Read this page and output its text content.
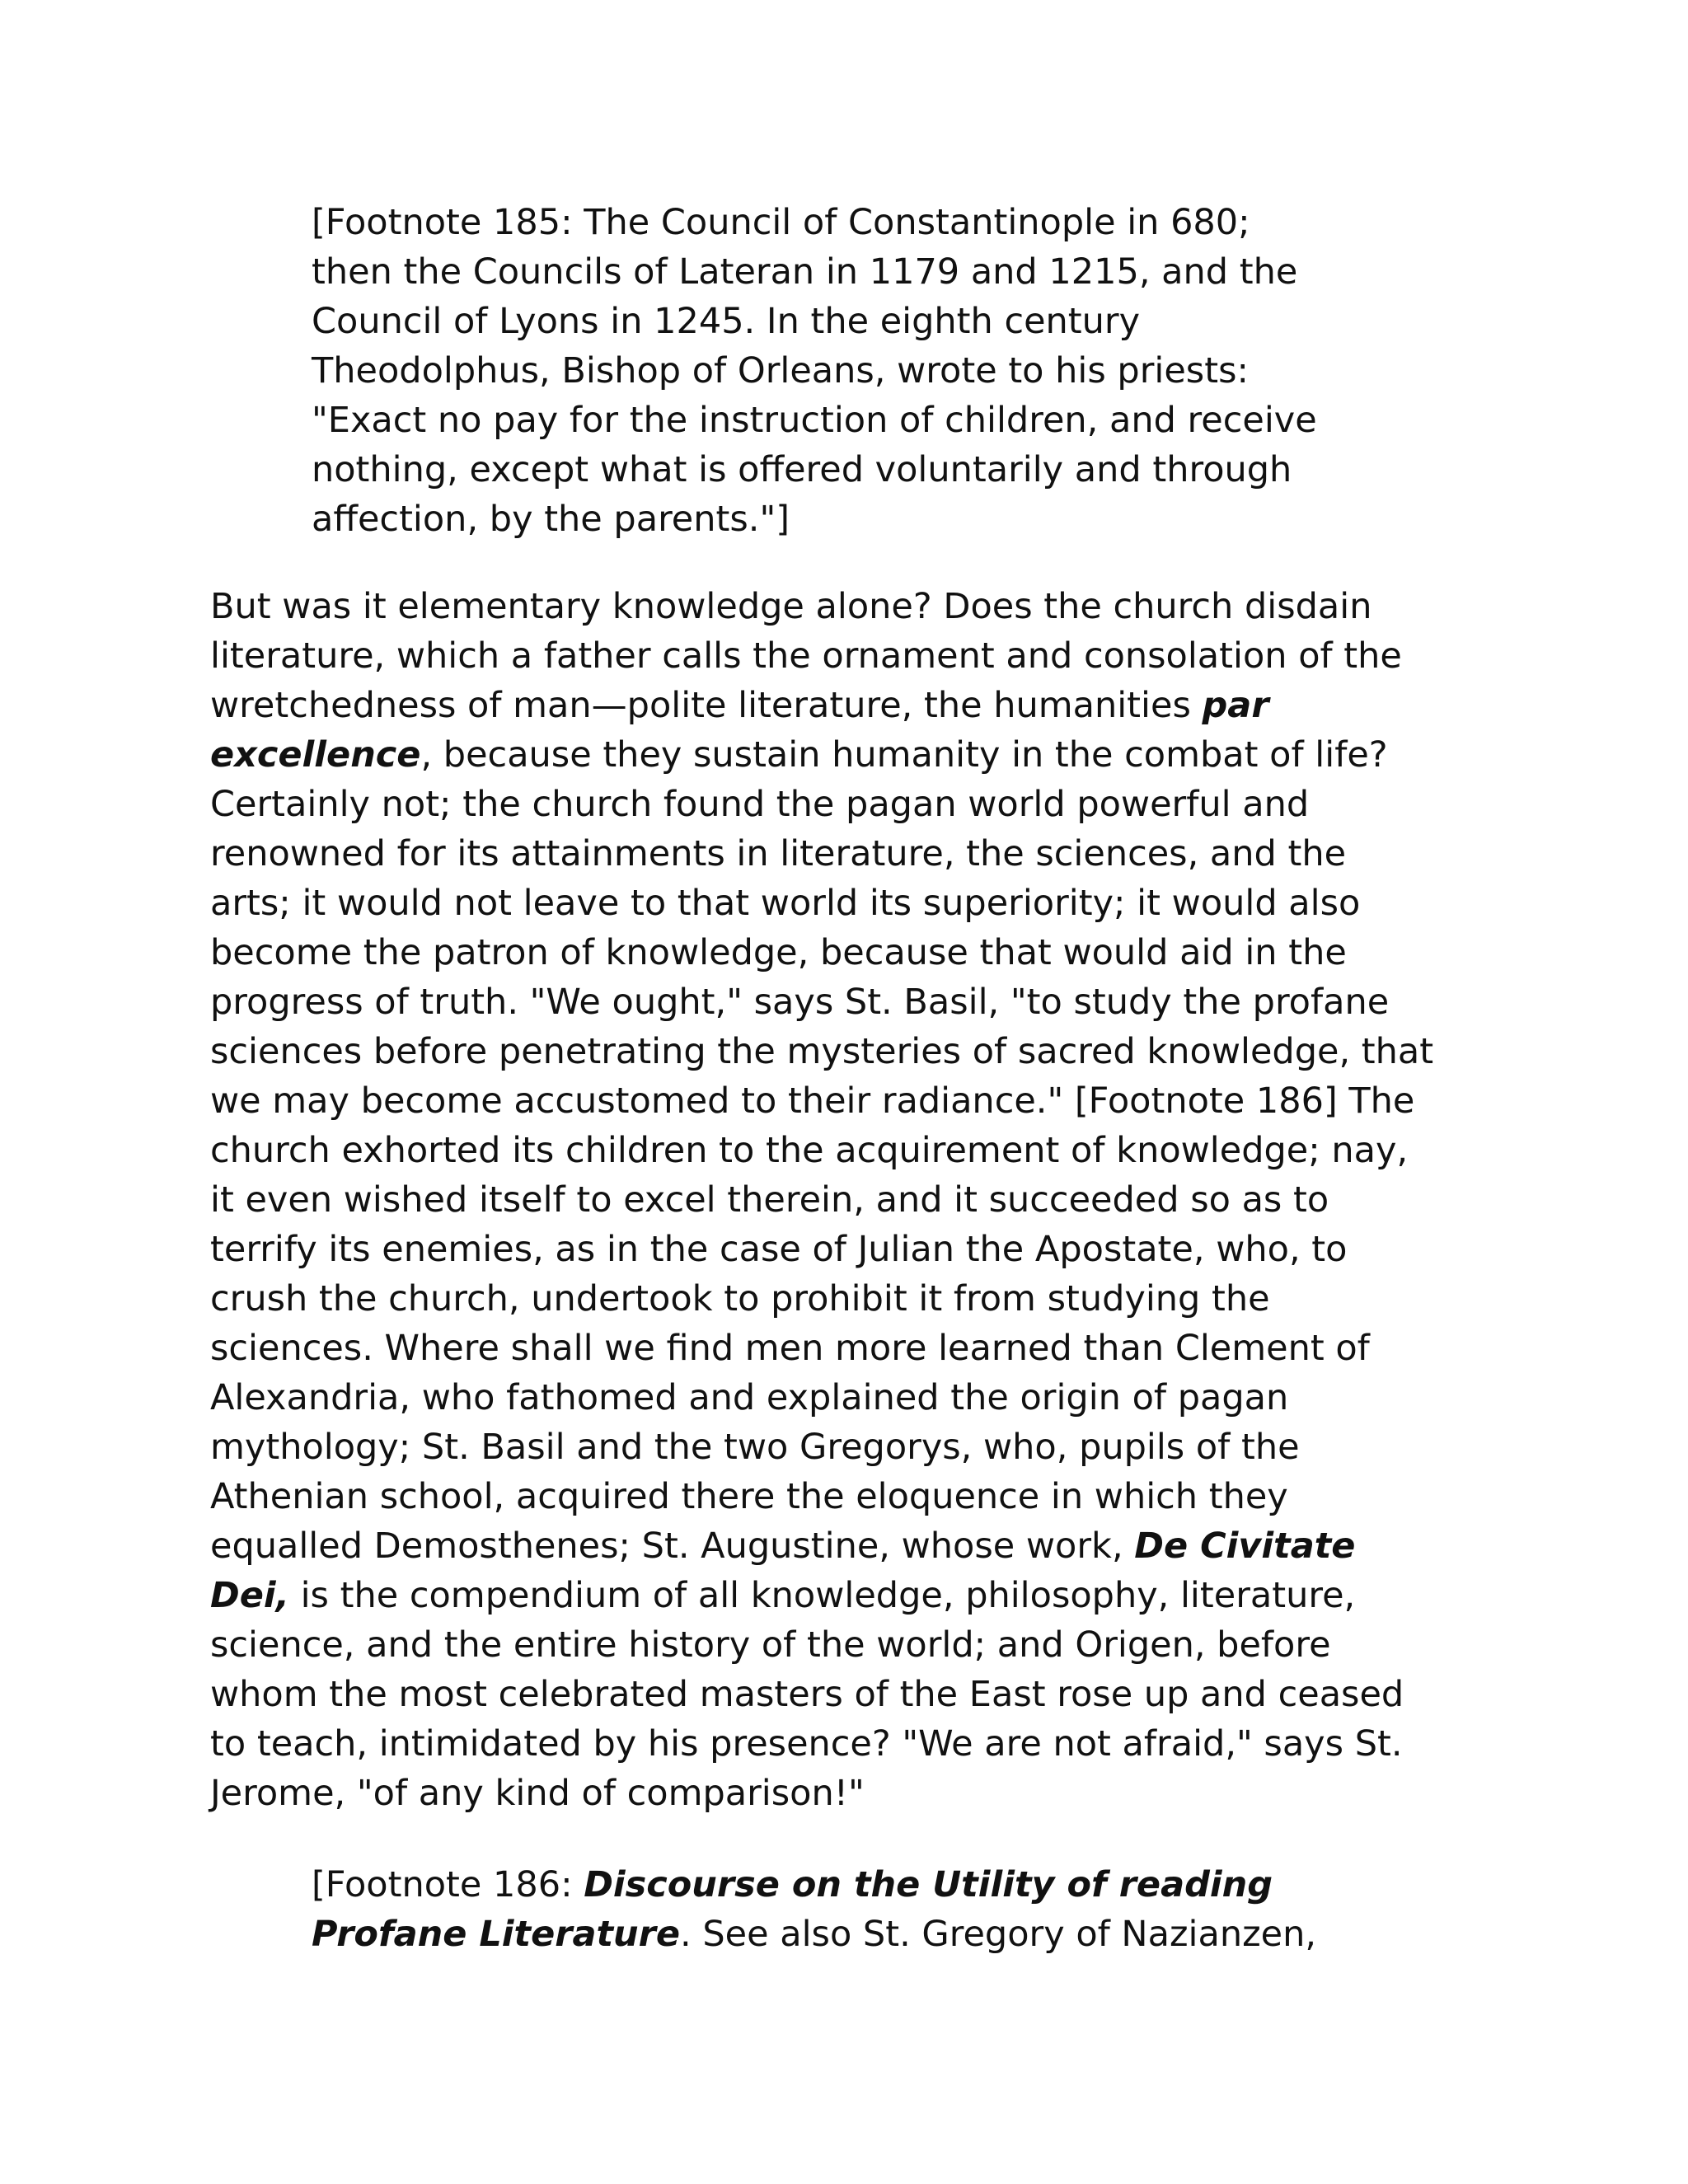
[Footnote 185: The Council of Constantinople in 680;
then the Councils of Lateran in 1179 and 1215, and the
Council of Lyons in 1245. In the eighth century
Theodolphus, Bishop of Orleans, wrote to his priests:
"Exact no pay for the instruction of children, and receive
nothing, except what is offered voluntarily and through
affection, by the parents."]
But was it elementary knowledge alone? Does the church disdain
literature, which a father calls the ornament and consolation of the
wretchedness of man—polite literature, the humanities par
excellence, because they sustain humanity in the combat of life?
Certainly not; the church found the pagan world powerful and
renowned for its attainments in literature, the sciences, and the
arts; it would not leave to that world its superiority; it would also
become the patron of knowledge, because that would aid in the
progress of truth. "We ought," says St. Basil, "to study the profane
sciences before penetrating the mysteries of sacred knowledge, that
we may become accustomed to their radiance." [Footnote 186] The
church exhorted its children to the acquirement of knowledge; nay,
it even wished itself to excel therein, and it succeeded so as to
terrify its enemies, as in the case of Julian the Apostate, who, to
crush the church, undertook to prohibit it from studying the
sciences. Where shall we find men more learned than Clement of
Alexandria, who fathomed and explained the origin of pagan
mythology; St. Basil and the two Gregorys, who, pupils of the
Athenian school, acquired there the eloquence in which they
equalled Demosthenes; St. Augustine, whose work, De Civitate
Dei, is the compendium of all knowledge, philosophy, literature,
science, and the entire history of the world; and Origen, before
whom the most celebrated masters of the East rose up and ceased
to teach, intimidated by his presence? "We are not afraid," says St.
Jerome, "of any kind of comparison!"
[Footnote 186: Discourse on the Utility of reading
Profane Literature. See also St. Gregory of Nazianzen,
